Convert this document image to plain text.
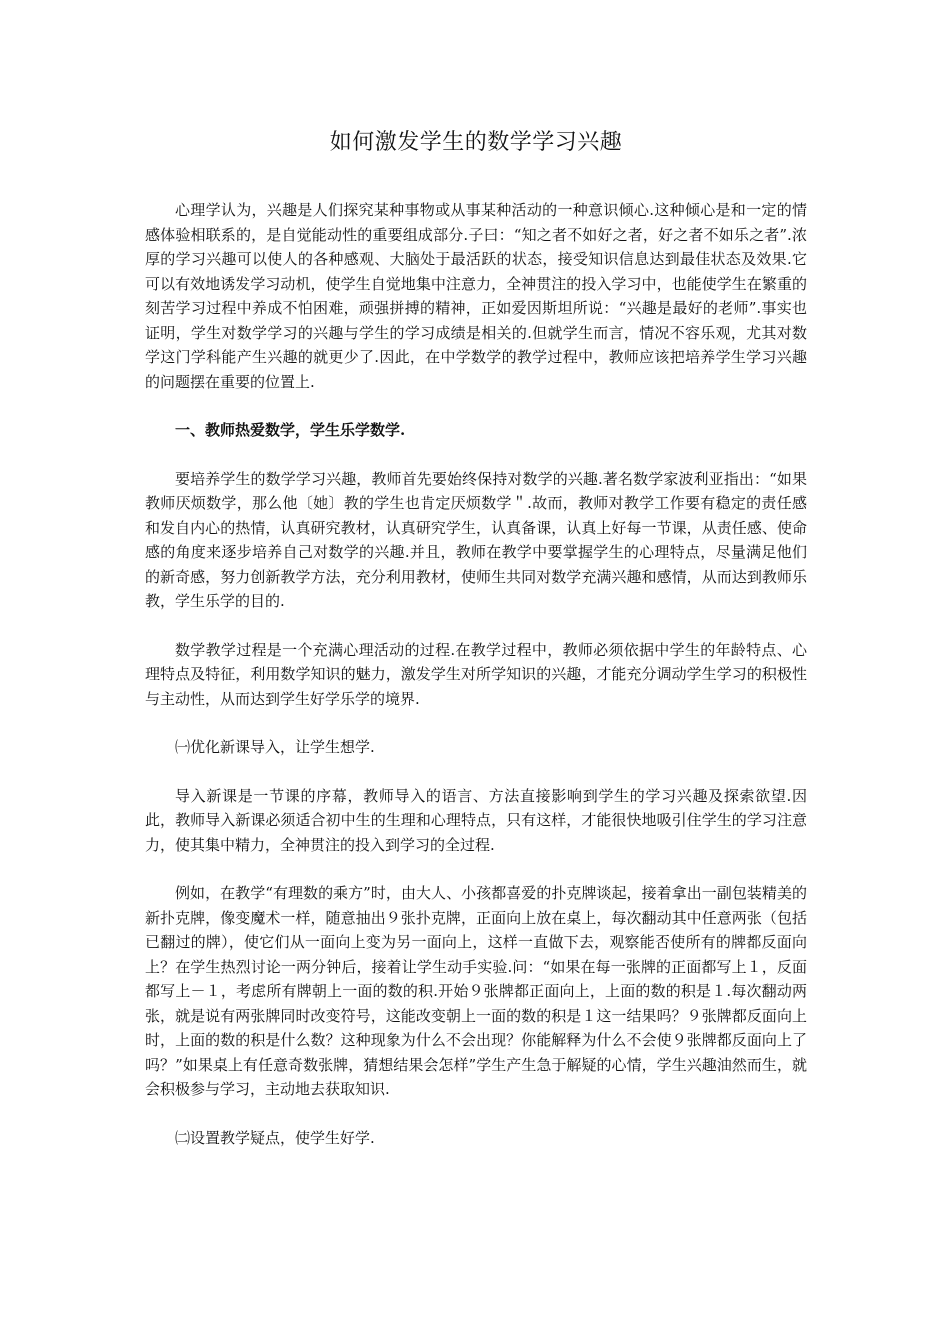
如何激发学生的数学学习兴趣

心理学认为，兴趣是人们探究某种事物或从事某种活动的一种意识倾心.这种倾心是和一定的情感体验相联系的，是自觉能动性的重要组成部分.子曰：“知之者不如好之者，好之者不如乐之者”.浓厚的学习兴趣可以使人的各种感观、大脑处于最活跃的状态，接受知识信息达到最佳状态及效果.它可以有效地诱发学习动机，使学生自觉地集中注意力，全神贯注的投入学习中，也能使学生在繁重的刻苦学习过程中养成不怕困难，顽强拼搏的精神，正如爱因斯坦所说：“兴趣是最好的老师”.事实也证明，学生对数学学习的兴趣与学生的学习成绩是相关的.但就学生而言，情况不容乐观，尤其对数学这门学科能产生兴趣的就更少了.因此，在中学数学的教学过程中，教师应该把培养学生学习兴趣的问题摆在重要的位置上.

一、教师热爱数学，学生乐学数学.

要培养学生的数学学习兴趣，教师首先要始终保持对数学的兴趣.著名数学家波利亚指出：“如果教师厌烦数学，那么他〔她〕教的学生也肯定厌烦数学＂.故而，教师对教学工作要有稳定的责任感和发自内心的热情，认真研究教材，认真研究学生，认真备课，认真上好每一节课，从责任感、使命感的角度来逐步培养自己对数学的兴趣.并且，教师在教学中要掌握学生的心理特点，尽量满足他们的新奇感，努力创新教学方法，充分利用教材，使师生共同对数学充满兴趣和感情，从而达到教师乐教，学生乐学的目的.

数学教学过程是一个充满心理活动的过程.在教学过程中，教师必须依据中学生的年龄特点、心理特点及特征，利用数学知识的魅力，激发学生对所学知识的兴趣，才能充分调动学生学习的积极性与主动性，从而达到学生好学乐学的境界.

㈠优化新课导入，让学生想学.

导入新课是一节课的序幕，教师导入的语言、方法直接影响到学生的学习兴趣及探索欲望.因此，教师导入新课必须适合初中生的生理和心理特点，只有这样，才能很快地吸引住学生的学习注意力，使其集中精力，全神贯注的投入到学习的全过程.

例如，在教学“有理数的乘方”时，由大人、小孩都喜爱的扑克牌谈起，接着拿出一副包装精美的新扑克牌，像变魔术一样，随意抽出９张扑克牌，正面向上放在桌上，每次翻动其中任意两张（包括已翻过的牌），使它们从一面向上变为另一面向上，这样一直做下去，观察能否使所有的牌都反面向上？在学生热烈讨论一两分钟后，接着让学生动手实验.问：“如果在每一张牌的正面都写上１，反面都写上－１，考虑所有牌朝上一面的数的积.开始９张牌都正面向上，上面的数的积是１.每次翻动两张，就是说有两张牌同时改变符号，这能改变朝上一面的数的积是１这一结果吗？９张牌都反面向上时，上面的数的积是什么数？这种现象为什么不会出现？你能解释为什么不会使９张牌都反面向上了吗？”如果桌上有任意奇数张牌，猜想结果会怎样”学生产生急于解疑的心情，学生兴趣油然而生，就会积极参与学习，主动地去获取知识.

㈡设置教学疑点，使学生好学.
